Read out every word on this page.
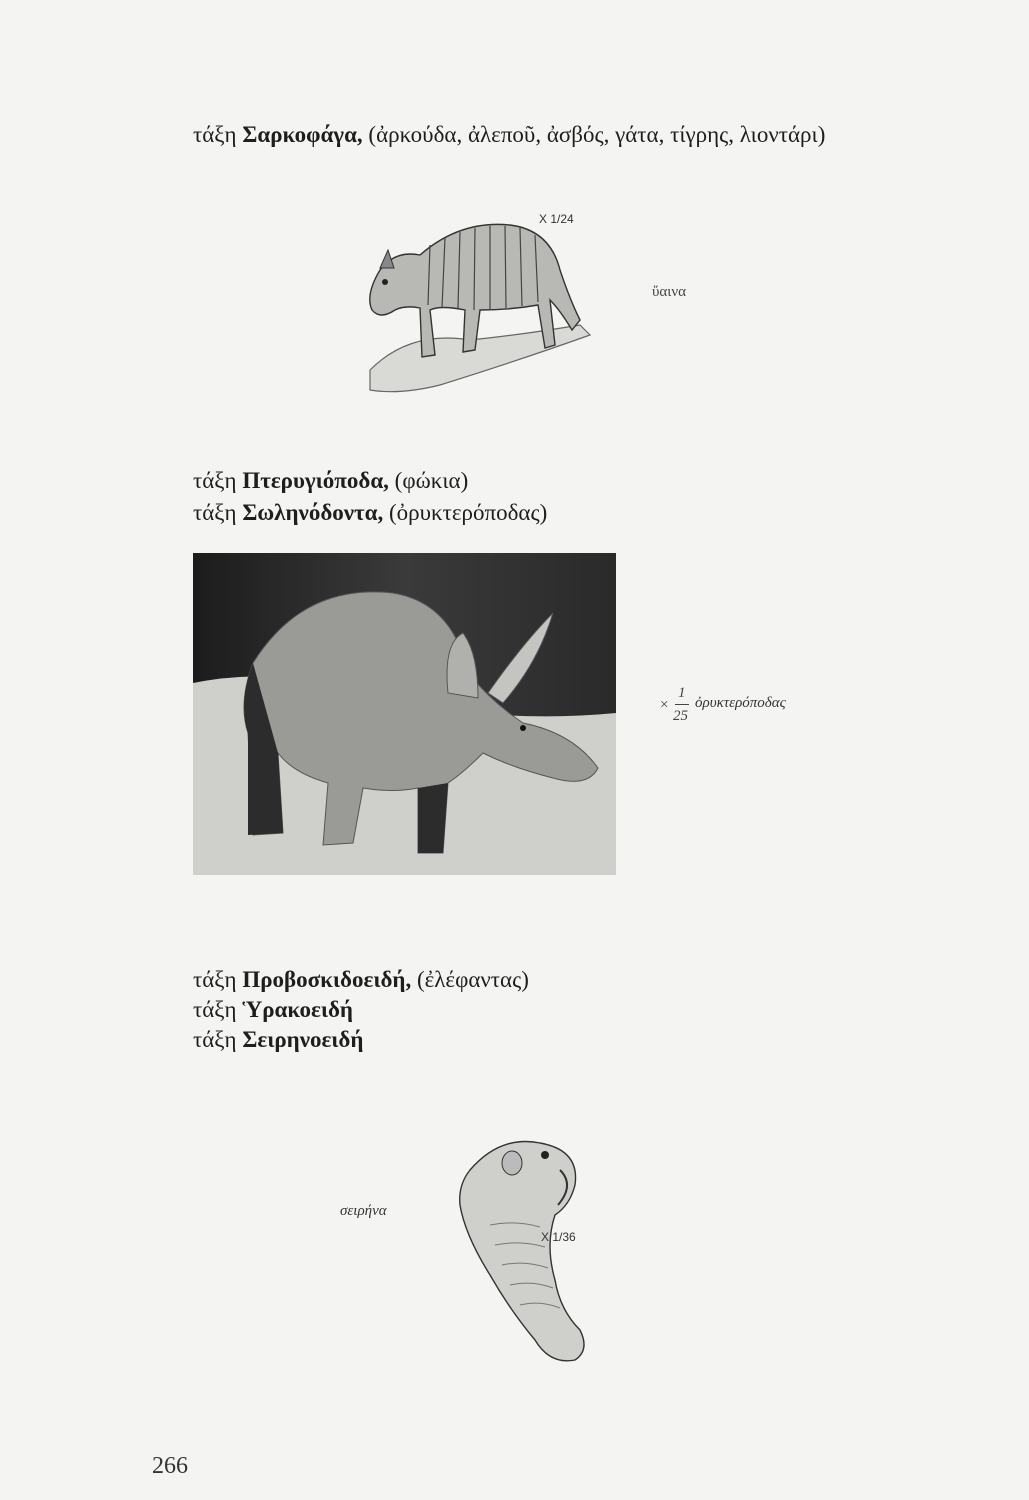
τάξη Σαρκοφάγα, (ἀρκούδα, ἀλεποῦ, ἀσβός, γάτα, τίγρης, λιοντάρι)
X 1/24
ὕαινα
τάξη Πτερυγιόποδα, (φώκια)
τάξη Σωληνόδοντα, (ὀρυκτερόποδας)
×
1
25
ὀρυκτερόποδας
τάξη Προβοσκιδοειδή, (ἐλέφαντας)
τάξη Ὑρακοειδή
τάξη Σειρηνοειδή
σειρήνα
X 1/36
266
